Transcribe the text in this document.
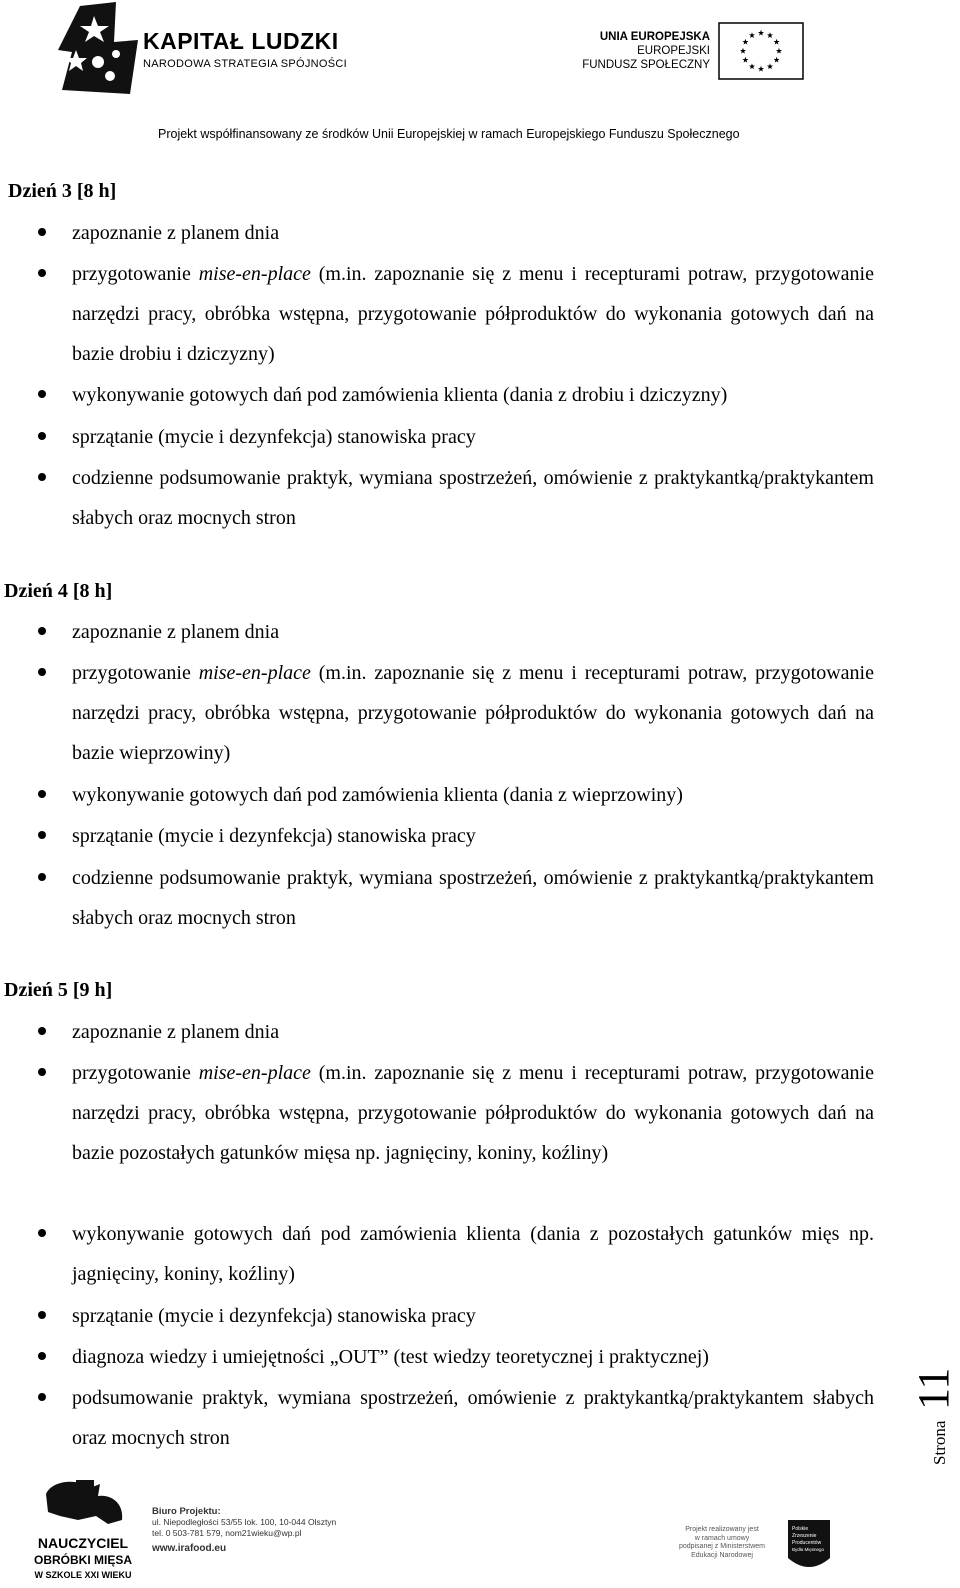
KAPITAŁ LUDZKI
NARODOWA STRATEGIA SPÓJNOŚCI
UNIA EUROPEJSKA
EUROPEJSKI
FUNDUSZ SPOŁECZNY
Projekt współfinansowany ze środków Unii Europejskiej w ramach Europejskiego Funduszu Społecznego
Dzień 3 [8 h]
zapoznanie z planem dnia
przygotowanie mise-en-place (m.in. zapoznanie się z menu i recepturami potraw, przygotowanie narzędzi pracy, obróbka wstępna, przygotowanie półproduktów do wykonania gotowych dań na bazie drobiu i dziczyzny)
wykonywanie gotowych dań pod zamówienia klienta (dania z drobiu i dziczyzny)
sprzątanie (mycie i dezynfekcja) stanowiska pracy
codzienne podsumowanie praktyk, wymiana spostrzeżeń, omówienie z praktykantką/praktykantem słabych oraz mocnych stron
Dzień 4 [8 h]
zapoznanie z planem dnia
przygotowanie mise-en-place (m.in. zapoznanie się z menu i recepturami potraw, przygotowanie narzędzi pracy, obróbka wstępna, przygotowanie półproduktów do wykonania gotowych dań na bazie wieprzowiny)
wykonywanie gotowych dań pod zamówienia klienta (dania z wieprzowiny)
sprzątanie (mycie i dezynfekcja) stanowiska pracy
codzienne podsumowanie praktyk, wymiana spostrzeżeń, omówienie z praktykantką/praktykantem słabych oraz mocnych stron
Dzień 5 [9 h]
zapoznanie z planem dnia
przygotowanie mise-en-place (m.in. zapoznanie się z menu i recepturami potraw, przygotowanie narzędzi pracy, obróbka wstępna, przygotowanie półproduktów do wykonania gotowych dań na bazie pozostałych gatunków mięsa np. jagnięciny, koniny, koźliny)
wykonywanie gotowych dań pod zamówienia klienta (dania z pozostałych gatunków mięs np. jagnięciny, koniny, koźliny)
sprzątanie (mycie i dezynfekcja) stanowiska pracy
diagnoza wiedzy i umiejętności „OUT” (test wiedzy teoretycznej i praktycznej)
podsumowanie praktyk, wymiana spostrzeżeń, omówienie z praktykantką/praktykantem słabych oraz mocnych stron	Strona
11
NAUCZYCIEL
OBRÓBKI MIĘSA
W SZKOLE XXI WIEKU
Biuro Projektu:
ul. Niepodległości 53/55 lok. 100, 10-044 Olsztyn
tel. 0 503-781 579, nom21wieku@wp.pl
www.irafood.eu
Projekt realizowany jest
w ramach umowy
podpisanej z Ministerstwem
Edukacji Narodowej
Polskie
Zrzeszenie
Producentów
Bydła Mięsnego
